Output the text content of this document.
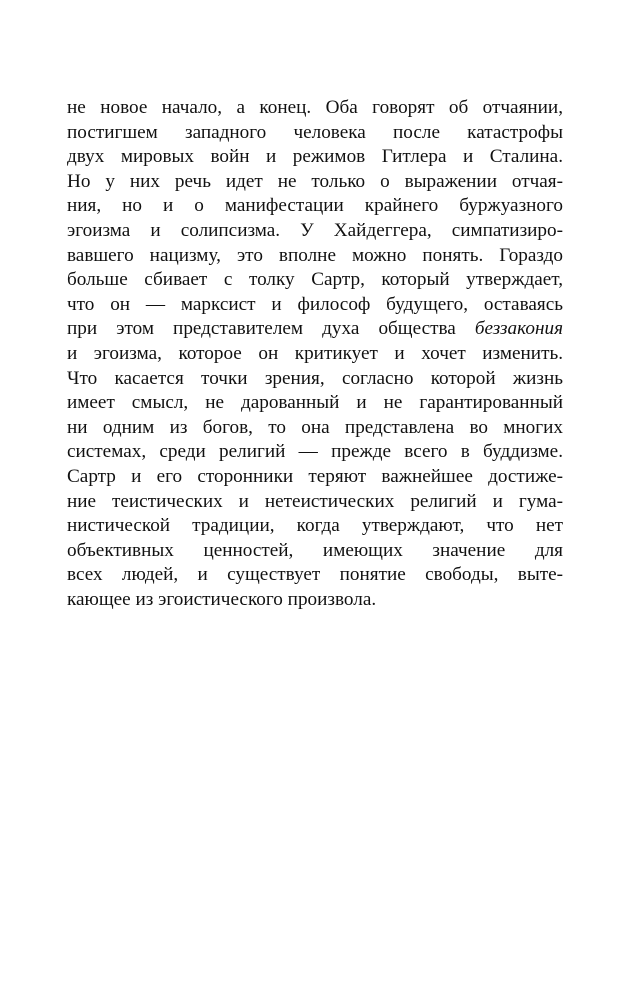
не новое начало, а конец. Оба говорят об отчаянии,
постигшем западного человека после катастрофы
двух мировых войн и режимов Гитлера и Сталина.
Но у них речь идет не только о выражении отчая-
ния, но и о манифестации крайнего буржуазного
эгоизма и солипсизма. У Хайдеггера, симпатизиро-
вавшего нацизму, это вполне можно понять. Гораздо
больше сбивает с толку Сартр, который утверждает,
что он — марксист и философ будущего, оставаясь
при этом представителем духа общества беззакония
и эгоизма, которое он критикует и хочет изменить.
Что касается точки зрения, согласно которой жизнь
имеет смысл, не дарованный и не гарантированный
ни одним из богов, то она представлена во многих
системах, среди религий — прежде всего в буддизме.
Сартр и его сторонники теряют важнейшее достиже-
ние теистических и нетеистических религий и гума-
нистической традиции, когда утверждают, что нет
объективных ценностей, имеющих значение для
всех людей, и существует понятие свободы, выте-
кающее из эгоистического произвола.
